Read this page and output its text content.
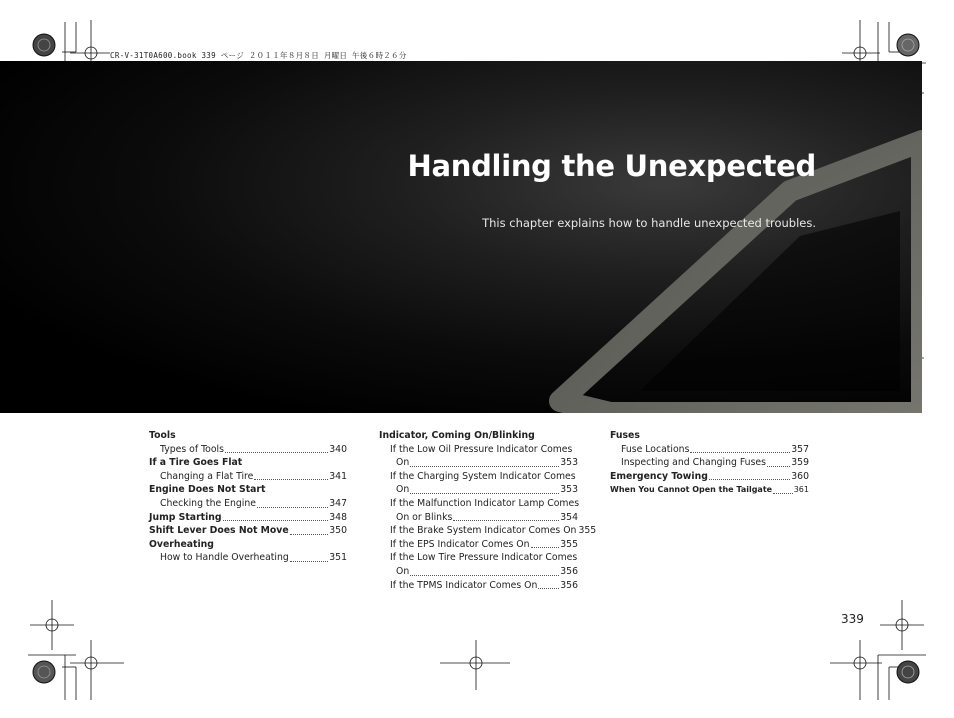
CR-V-31T0A600.book 339 ページ ２０１１年８月８日 月曜日 午後６時２６分
Handling the Unexpected

This chapter explains how to handle unexpected troubles.

Tools
Types of Tools	340
If a Tire Goes Flat
Changing a Flat Tire	341
Engine Does Not Start
Checking the Engine	347
Jump Starting	348
Shift Lever Does Not Move	350
Overheating
How to Handle Overheating	351
Indicator, Coming On/Blinking
If the Low Oil Pressure Indicator Comes
On	353
If the Charging System Indicator Comes
On	353
If the Malfunction Indicator Lamp Comes
On or Blinks	354
If the Brake System Indicator Comes On 355
If the EPS Indicator Comes On	355
If the Low Tire Pressure Indicator Comes
On	356
If the TPMS Indicator Comes On 356
Fuses
Fuse Locations	357
Inspecting and Changing Fuses	359
Emergency Towing	360
When You Cannot Open the Tailgate	361
339
